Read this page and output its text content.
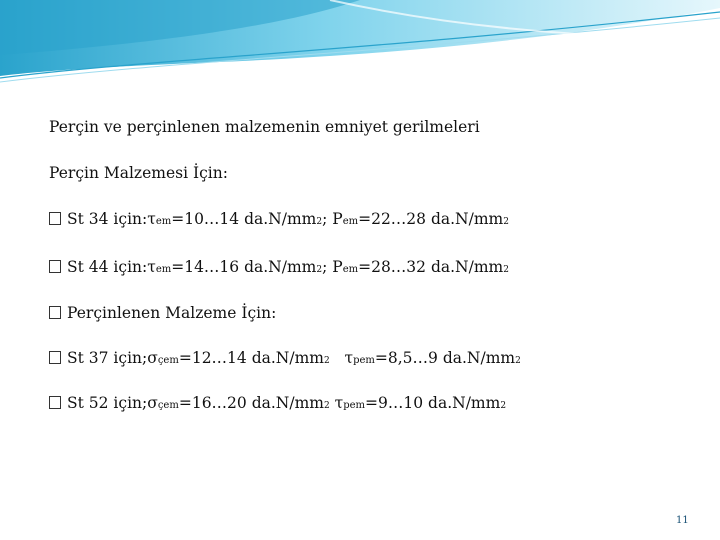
Perçin ve perçinlenen malzemenin emniyet gerilmeleri
Perçin Malzemesi İçin:
St 34 için: τ em =10…14 da.N/mm 2 ; P em =22…28 da.N/mm 2
St 44 için: τ em =14…16 da.N/mm 2 ; P em =28…32 da.N/mm 2
Perçinlenen Malzeme İçin:
St 37 için; σ çem =12…14 da.N/mm 2
τ pem =8,5…9 da.N/mm 2
St 52 için; σ çem =16…20 da.N/mm 2
τ pem =9…10 da.N/mm 2
11
